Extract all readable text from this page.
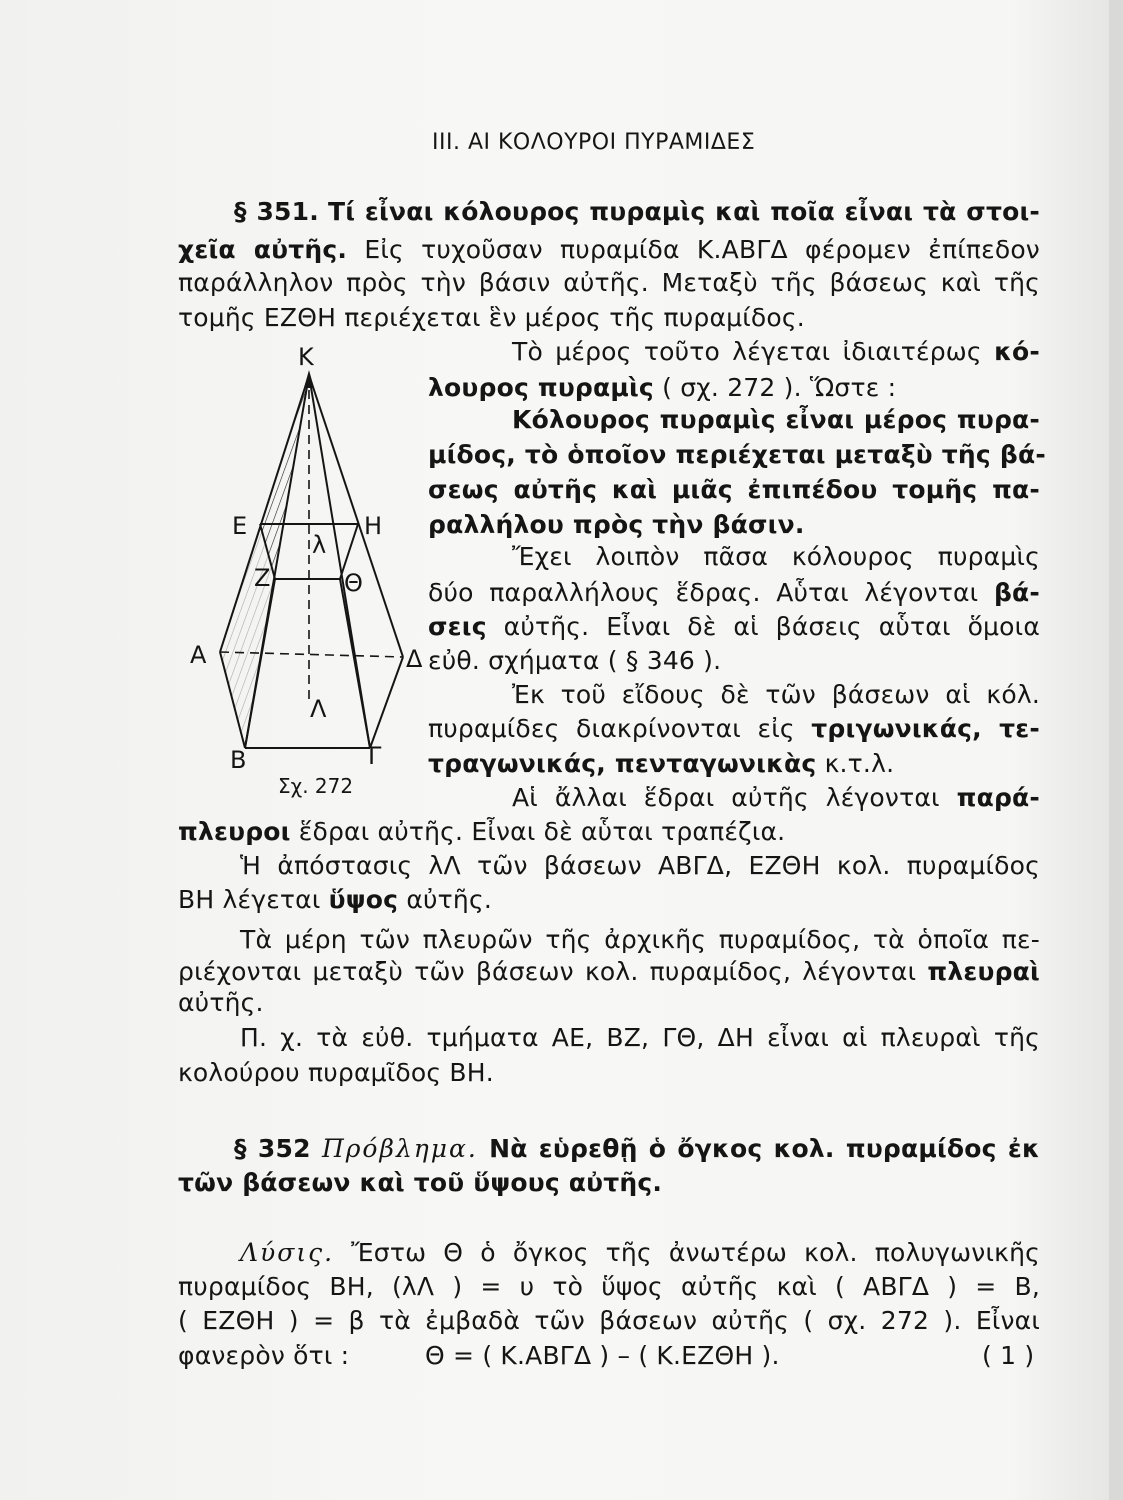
III. ΑΙ ΚΟΛΟΥΡΟΙ ΠΥΡΑΜΙΔΕΣ
§ 351. Τί εἶναι κόλουρος πυραμὶς καὶ ποῖα εἶναι τὰ στοι-
χεῖα αὐτῆς. Εἰς τυχοῦσαν πυραμίδα Κ.ΑΒΓΔ φέρομεν ἐπίπεδον
παράλληλον πρὸς τὴν βάσιν αὐτῆς. Μεταξὺ τῆς βάσεως καὶ τῆς
τομῆς ΕΖΘΗ περιέχεται ἓν μέρος τῆς πυραμίδος.
Τὸ μέρος τοῦτο λέγεται ἰδιαιτέρως κό-
λουρος πυραμὶς ( σχ. 272 ). Ὥστε :
Κόλουρος πυραμὶς εἶναι μέρος πυρα-
μίδος, τὸ ὁποῖον περιέχεται μεταξὺ τῆς βά-
σεως αὐτῆς καὶ μιᾶς ἐπιπέδου τομῆς πα-
ραλλήλου πρὸς τὴν βάσιν.
Ἔχει λοιπὸν πᾶσα κόλουρος πυραμὶς
δύο παραλλήλους ἕδρας. Αὗται λέγονται βά-
σεις αὐτῆς. Εἶναι δὲ αἱ βάσεις αὗται ὅμοια
εὐθ. σχήματα ( § 346 ).
Ἐκ τοῦ εἴδους δὲ τῶν βάσεων αἱ κόλ.
πυραμίδες διακρίνονται εἰς τριγωνικάς, τε-
τραγωνικάς, πενταγωνικὰς κ.τ.λ.
Αἱ ἄλλαι ἕδραι αὐτῆς λέγονται παρά-
πλευροι ἕδραι αὐτῆς. Εἶναι δὲ αὗται τραπέζια.
Ἡ ἀπόστασις λΛ τῶν βάσεων ΑΒΓΔ, ΕΖΘΗ κολ. πυραμίδος
ΒΗ λέγεται ὕψος αὐτῆς.
Τὰ μέρη τῶν πλευρῶν τῆς ἀρχικῆς πυραμίδος, τὰ ὁποῖα πε-
ριέχονται μεταξὺ τῶν βάσεων κολ. πυραμίδος, λέγονται πλευραὶ
αὐτῆς.
Π. χ. τὰ εὐθ. τμήματα ΑΕ, ΒΖ, ΓΘ, ΔΗ εἶναι αἱ πλευραὶ τῆς
κολούρου πυραμῖδος ΒΗ.
§ 352 Πρόβλημα. Νὰ εὑρεθῇ ὁ ὄγκος κολ. πυραμίδος ἐκ
τῶν βάσεων καὶ τοῦ ὕψους αὐτῆς.
Λύσις. Ἔστω Θ ὁ ὄγκος τῆς ἀνωτέρω κολ. πολυγωνικῆς
πυραμίδος ΒΗ, (λΛ ) = υ τὸ ὕψος αὐτῆς καὶ ( ΑΒΓΔ ) = Β,
( ΕΖΘΗ ) = β τὰ ἐμβαδὰ τῶν βάσεων αὐτῆς ( σχ. 272 ). Εἶναι
φανερὸν ὅτι :	Θ = ( Κ.ΑΒΓΔ ) – ( Κ.ΕΖΘΗ ).	( 1 )
Κ
Ε	Η
λ
Ζ	Θ
Α	Δ
Λ
Β	Γ
Σχ. 272
